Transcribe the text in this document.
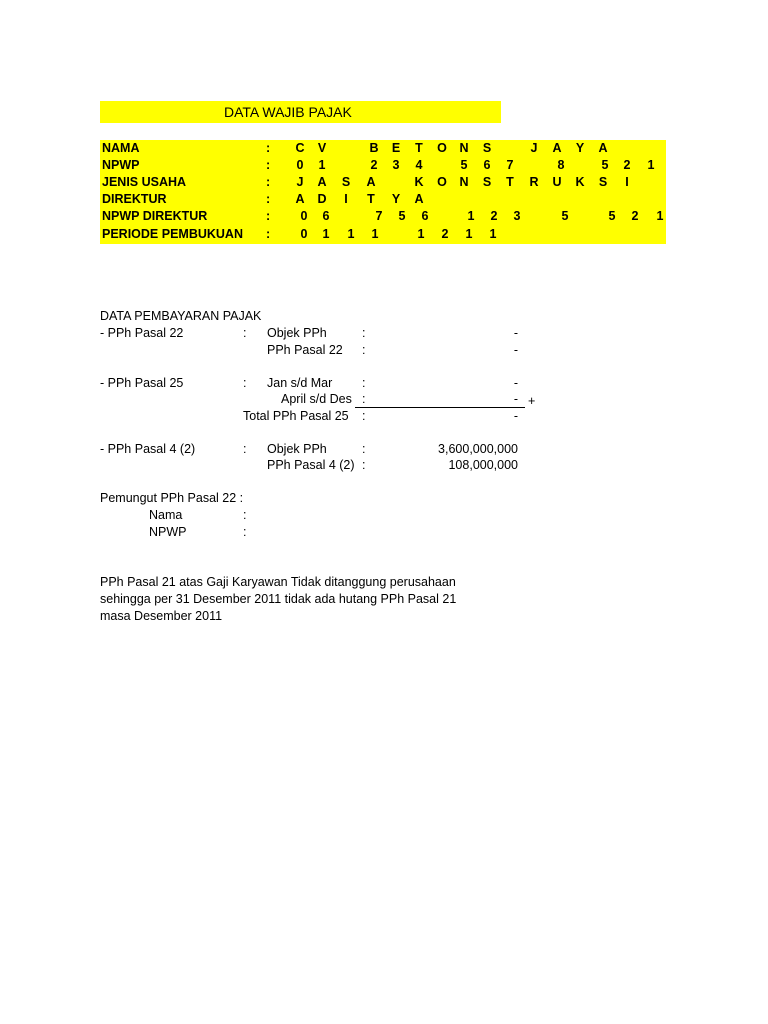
DATA WAJIB PAJAK
NAMA	: C V	B E T O N S	J A Y A
NPWP	: 0 1	2 3 4	5 6 7	8	5 2 1
JENIS USAHA	: J A S A	K O N S T R U K S	I
DIREKTUR	: A D	I	T Y A
NPWP DIREKTUR	: 0 6	7 5 6	1 2 3	5	5 2 1
PERIODE PEMBUKUAN : 0 1 1 1	1 2 1 1
DATA PEMBAYARAN PAJAK
- PPh Pasal 22	: Objek PPh	:	-
PPh Pasal 22 :	-
- PPh Pasal 25	: Jan s/d Mar :	-
April s/d Des :	- +
Total PPh Pasal 25 :	-
- PPh Pasal 4 (2)	: Objek PPh	:	3,600,000,000
PPh Pasal 4 (2) :	108,000,000
Pemungut PPh Pasal 22 :
Nama	:
NPWP	:
PPh Pasal 21 atas Gaji Karyawan Tidak ditanggung perusahaan
sehingga per 31 Desember 2011 tidak ada hutang PPh Pasal 21
masa Desember 2011
